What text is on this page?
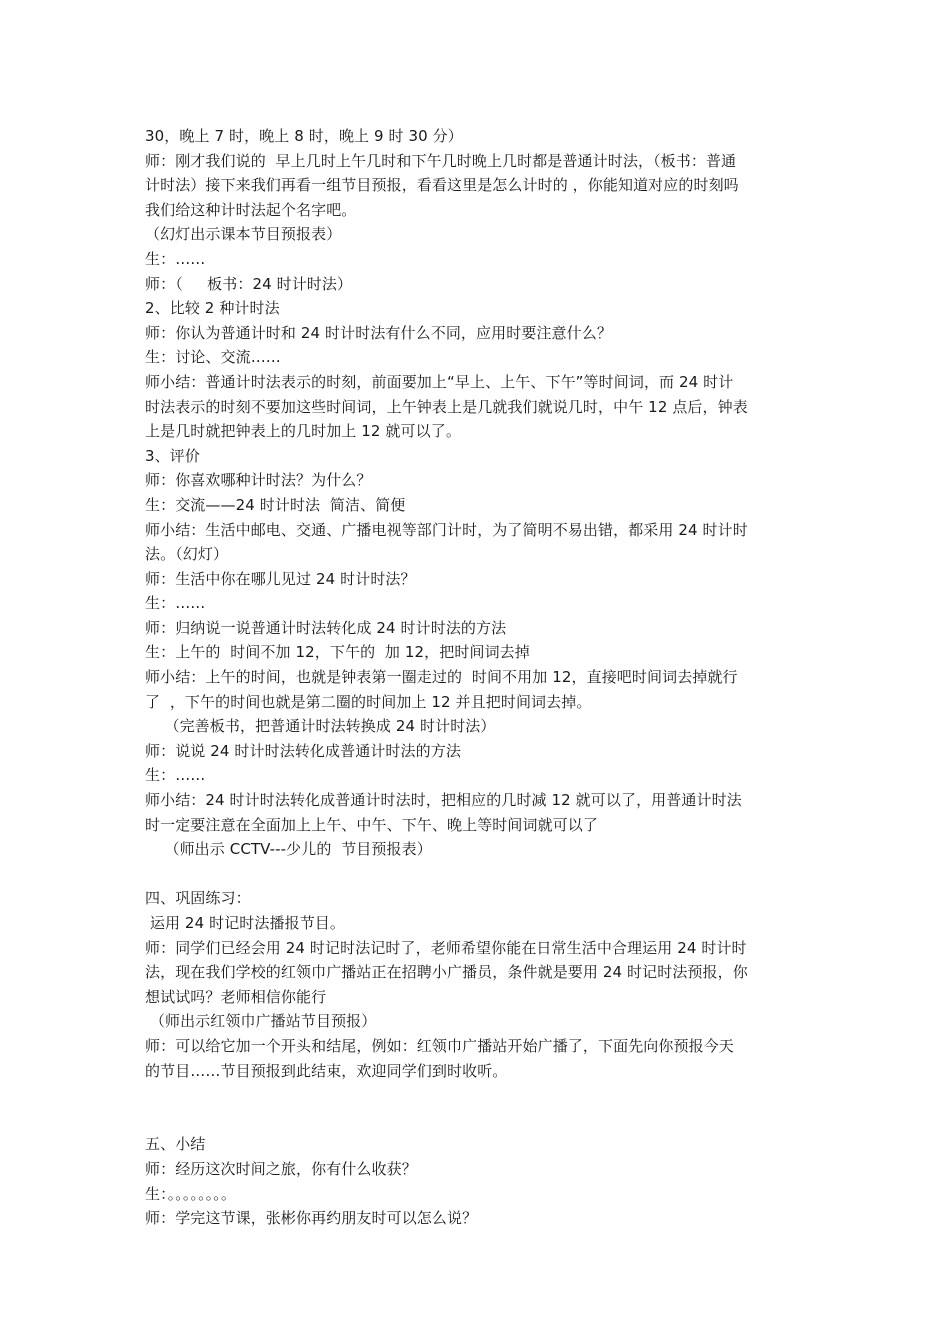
30，晚上 7 时，晚上 8 时，晚上 9 时 30 分）
师：刚才我们说的  早上几时上午几时和下午几时晚上几时都是普通计时法，（板书：普通
计时法）接下来我们再看一组节目预报，看看这里是怎么计时的 ，你能知道对应的时刻吗
我们给这种计时法起个名字吧。
（幻灯出示课本节目预报表）
生：……
师：（     板书：24 时计时法）
2、比较 2 种计时法
师：你认为普通计时和 24 时计时法有什么不同，应用时要注意什么？
生：讨论、交流……
师小结：普通计时法表示的时刻，前面要加上“早上、上午、下午”等时间词，而 24 时计
时法表示的时刻不要加这些时间词，上午钟表上是几就我们就说几时，中午 12 点后，钟表
上是几时就把钟表上的几时加上 12 就可以了。
3、评价
师：你喜欢哪种计时法？为什么？
生：交流——24 时计时法  简洁、简便
师小结：生活中邮电、交通、广播电视等部门计时，为了简明不易出错，都采用 24 时计时
法。（幻灯）
师：生活中你在哪儿见过 24 时计时法？
生：……
师：归纳说一说普通计时法转化成 24 时计时法的方法
生：上午的  时间不加 12，下午的  加 12，把时间词去掉
师小结：上午的时间，也就是钟表第一圈走过的  时间不用加 12，直接吧时间词去掉就行
了  ，下午的时间也就是第二圈的时间加上 12 并且把时间词去掉。
（完善板书，把普通计时法转换成 24 时计时法）
师：说说 24 时计时法转化成普通计时法的方法
生：……
师小结：24 时计时法转化成普通计时法时，把相应的几时减 12 就可以了，用普通计时法
时一定要注意在全面加上上午、中午、下午、晚上等时间词就可以了
（师出示 CCTV---少儿的  节目预报表）
四、巩固练习：
运用 24 时记时法播报节目。
师：同学们已经会用 24 时记时法记时了，老师希望你能在日常生活中合理运用 24 时计时
法，现在我们学校的红领巾广播站正在招聘小广播员，条件就是要用 24 时记时法预报，你
想试试吗？老师相信你能行
（师出示红领巾广播站节目预报）
师：可以给它加一个开头和结尾，例如：红领巾广播站开始广播了，下面先向你预报今天
的节目……节目预报到此结束，欢迎同学们到时收听。
五、小结
师：经历这次时间之旅，你有什么收获？
生：。。。。。。。。
师：学完这节课，张彬你再约朋友时可以怎么说？
